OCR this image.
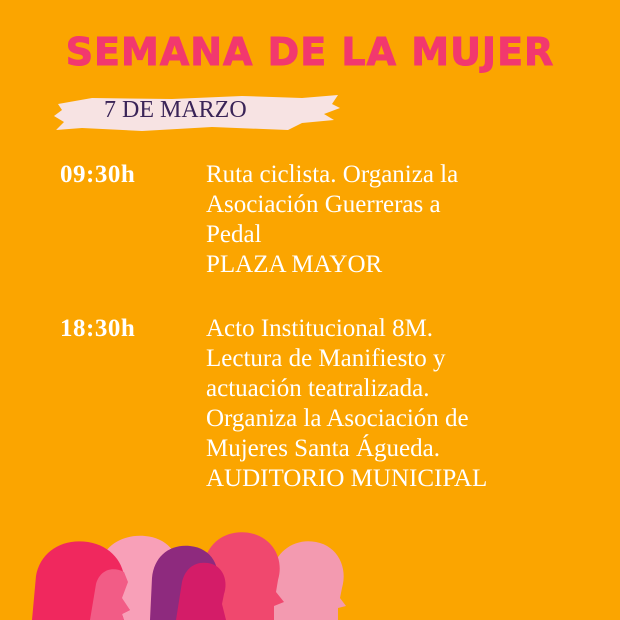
SEMANA DE LA MUJER
7 DE MARZO
09:30h	Ruta ciclista. Organiza la
Asociación Guerreras a
Pedal
PLAZA MAYOR
18:30h	Acto Institucional 8M.
Lectura de Manifiesto y
actuación teatralizada.
Organiza la Asociación de
Mujeres Santa Águeda.
AUDITORIO MUNICIPAL
